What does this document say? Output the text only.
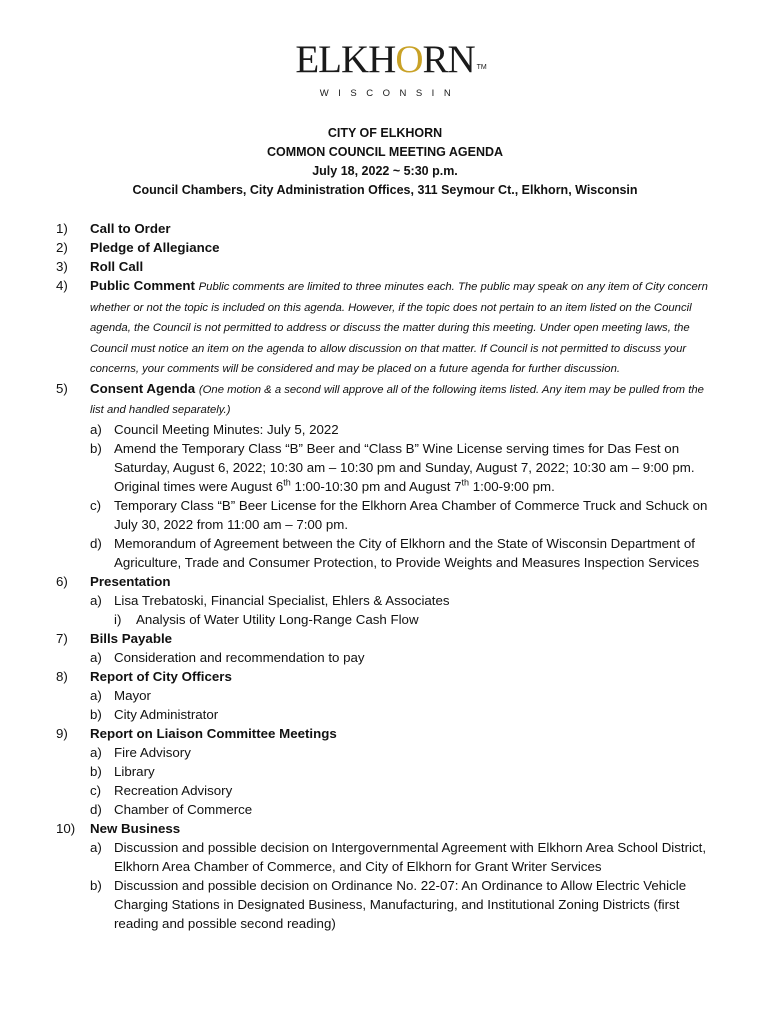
ELKHORN TM
WISCONSIN
CITY OF ELKHORN
COMMON COUNCIL MEETING AGENDA
July 18, 2022 ~ 5:30 p.m.
Council Chambers, City Administration Offices, 311 Seymour Ct., Elkhorn, Wisconsin
1) Call to Order
2) Pledge of Allegiance
3) Roll Call
4) Public Comment Public comments are limited to three minutes each. The public may speak on any item of City concern whether or not the topic is included on this agenda. However, if the topic does not pertain to an item listed on the Council agenda, the Council is not permitted to address or discuss the matter during this meeting. Under open meeting laws, the Council must notice an item on the agenda to allow discussion on that matter. If Council is not permitted to discuss your concerns, your comments will be considered and may be placed on a future agenda for further discussion.
5) Consent Agenda (One motion & a second will approve all of the following items listed. Any item may be pulled from the list and handled separately.)
a) Council Meeting Minutes: July 5, 2022
b) Amend the Temporary Class “B” Beer and “Class B” Wine License serving times for Das Fest on Saturday, August 6, 2022; 10:30 am – 10:30 pm and Sunday, August 7, 2022; 10:30 am – 9:00 pm. Original times were August 6th 1:00-10:30 pm and August 7th 1:00-9:00 pm.
c) Temporary Class “B” Beer License for the Elkhorn Area Chamber of Commerce Truck and Schuck on July 30, 2022 from 11:00 am – 7:00 pm.
d) Memorandum of Agreement between the City of Elkhorn and the State of Wisconsin Department of Agriculture, Trade and Consumer Protection, to Provide Weights and Measures Inspection Services
6) Presentation
a) Lisa Trebatoski, Financial Specialist, Ehlers & Associates
i) Analysis of Water Utility Long-Range Cash Flow
7) Bills Payable
a) Consideration and recommendation to pay
8) Report of City Officers
a) Mayor
b) City Administrator
9) Report on Liaison Committee Meetings
a) Fire Advisory
b) Library
c) Recreation Advisory
d) Chamber of Commerce
10) New Business
a) Discussion and possible decision on Intergovernmental Agreement with Elkhorn Area School District, Elkhorn Area Chamber of Commerce, and City of Elkhorn for Grant Writer Services
b) Discussion and possible decision on Ordinance No. 22-07: An Ordinance to Allow Electric Vehicle Charging Stations in Designated Business, Manufacturing, and Institutional Zoning Districts (first reading and possible second reading)
